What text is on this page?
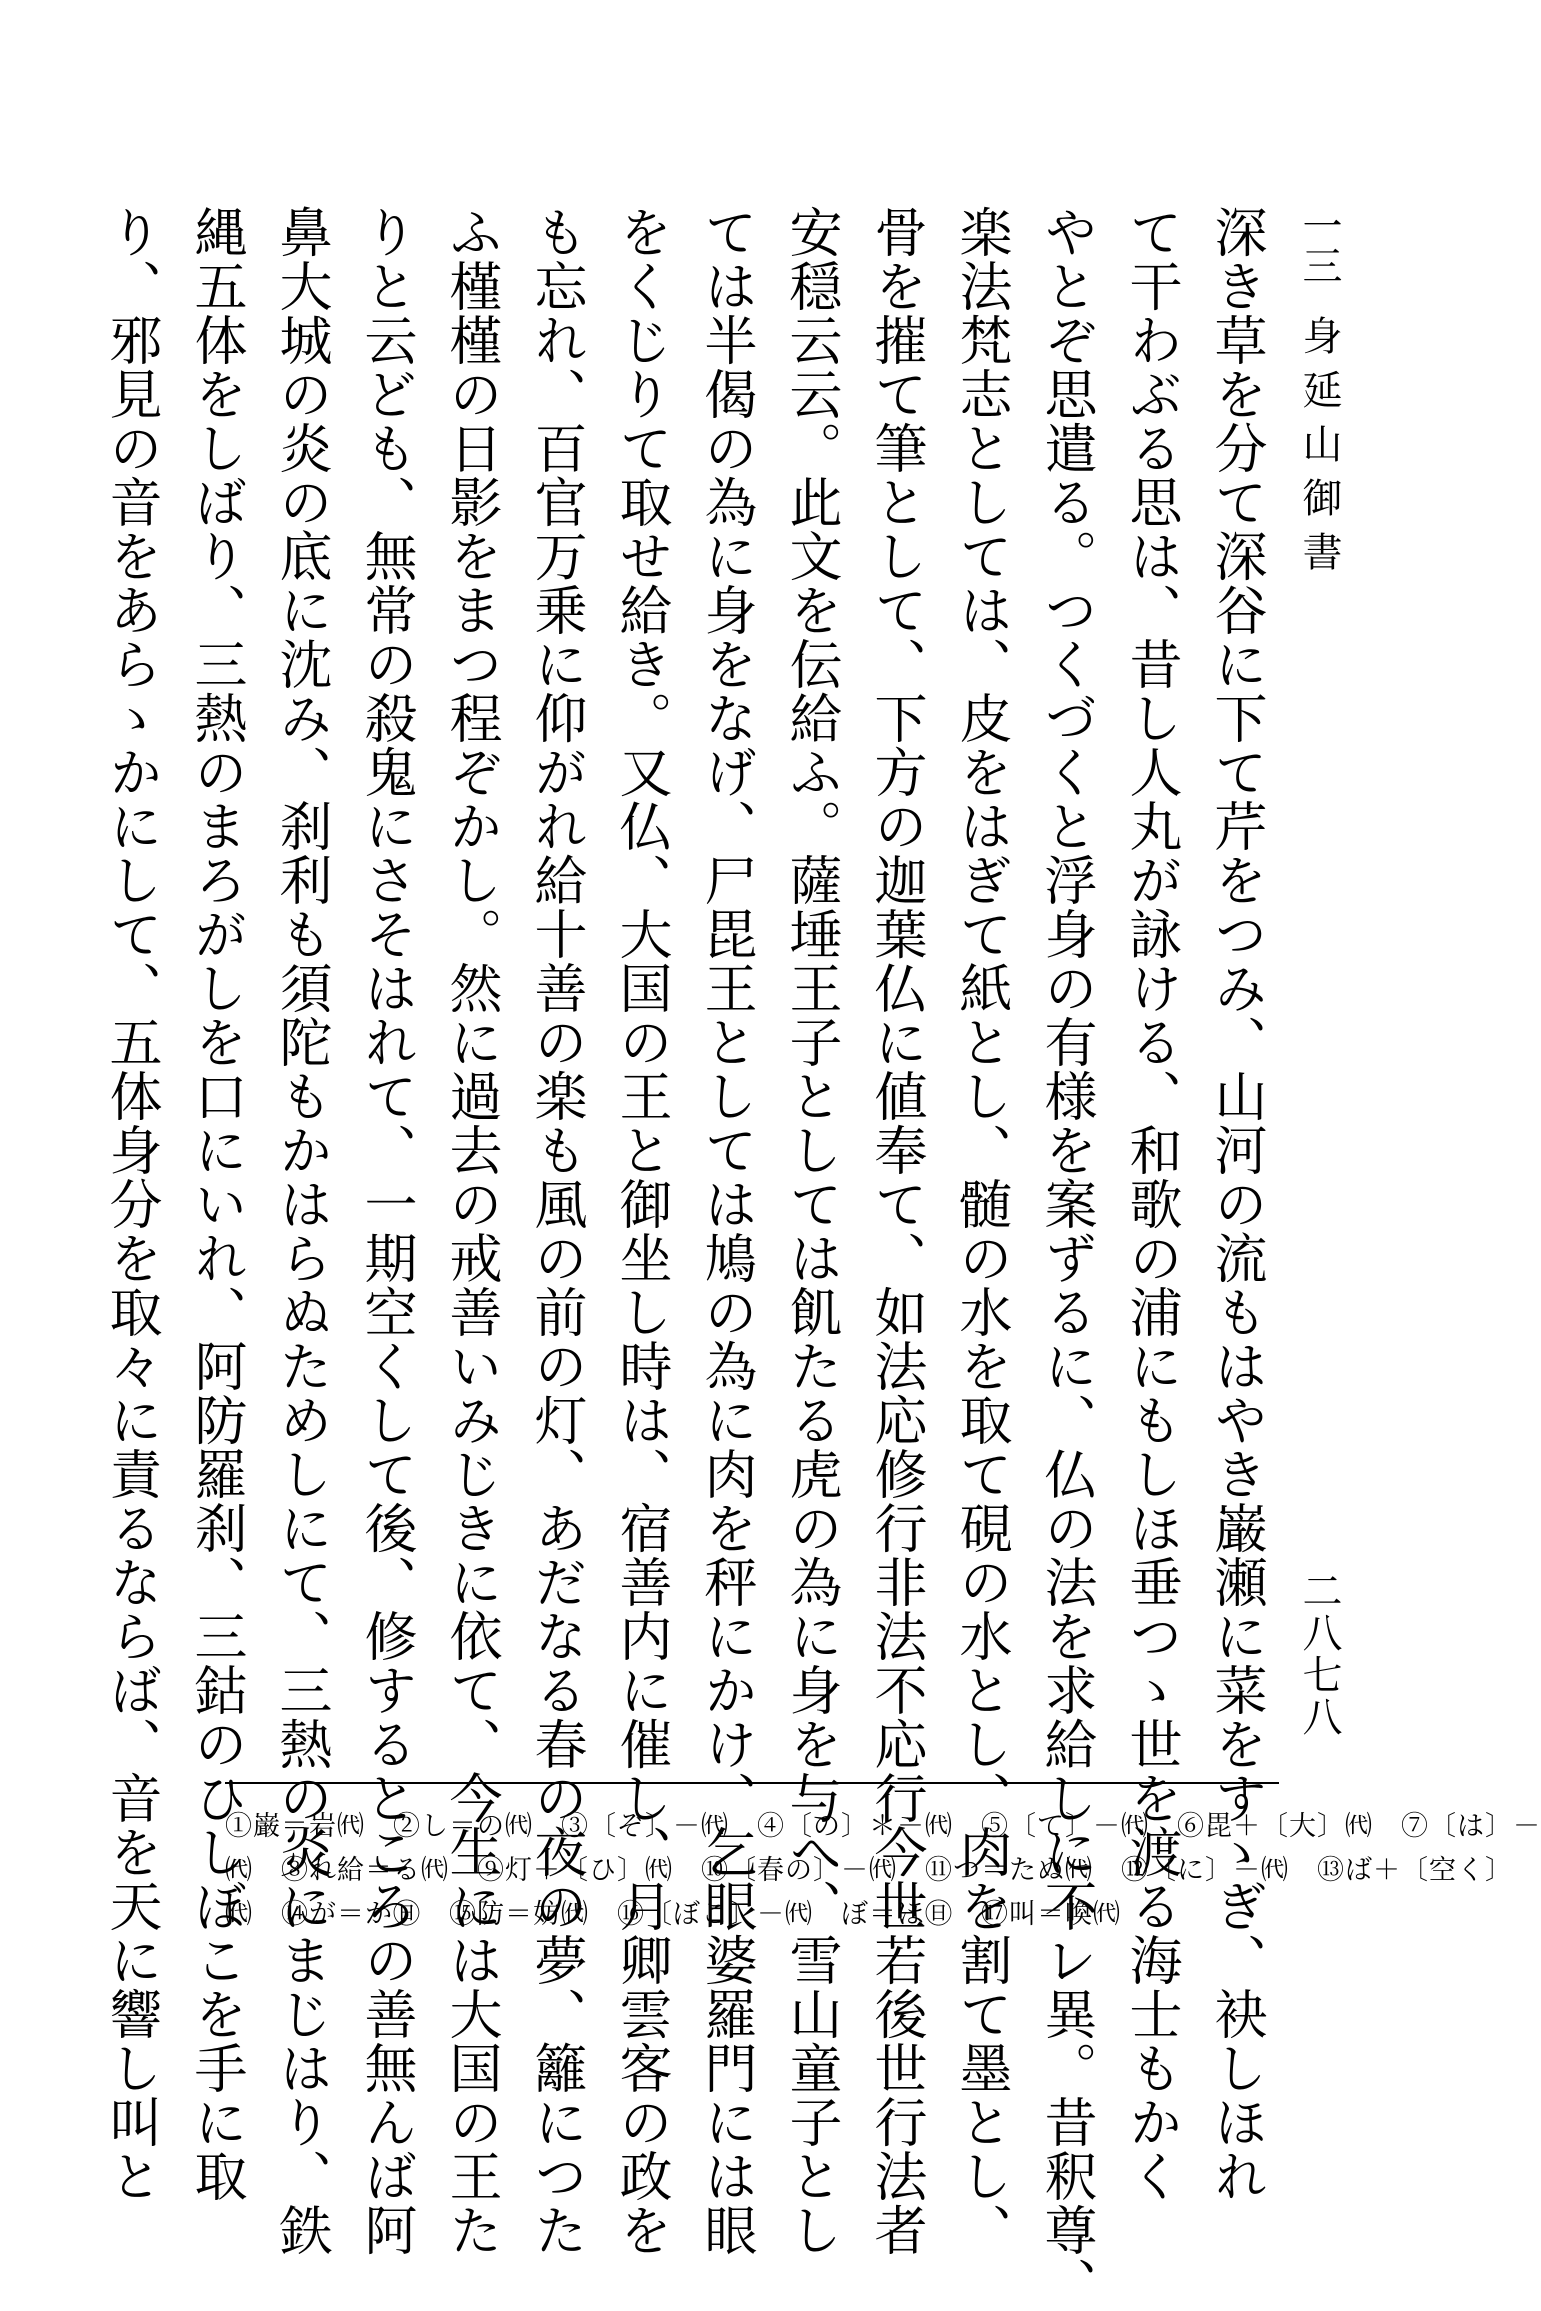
一三
身延山御書
二八七八
深き草を分て深谷に下て芹をつみ、山河の流もはやき巌瀬に菜をすゝぎ、袂しほれ
て干わぶる思は、昔し人丸が詠ける、和歌の浦にもしほ垂つゝ世を渡る海士もかく
やとぞ思遣る。つくづくと浮身の有様を案ずるに、仏の法を求給しに不レ異。昔釈尊、
楽法梵志としては、皮をはぎて紙とし、髄の水を取て硯の水とし、肉を割て墨とし、
骨を摧て筆として、下方の迦葉仏に値奉て、如法応修行非法不応行今世若後世行法者
安穏云云。此文を伝給ふ。薩埵王子としては飢たる虎の為に身を与へ、雪山童子とし
ては半偈の為に身をなげ、尸毘王としては鳩の為に肉を秤にかけ、乞眼婆羅門には眼
をくじりて取せ給き。又仏、大国の王と御坐し時は、宿善内に催し、月卿雲客の政を
も忘れ、百官万乗に仰がれ給十善の楽も風の前の灯、あだなる春の夜の夢、籬につた
ふ槿槿の日影をまつ程ぞかし。然に過去の戒善いみじきに依て、今生には大国の王た
りと云ども、無常の殺鬼にさそはれて、一期空くして後、修するところの善無んば阿
鼻大城の炎の底に沈み、刹利も須陀もかはらぬためしにて、三熱の炎にまじはり、鉄
縄五体をしばり、三熱のまろがしを口にいれ、阿防羅刹、三鈷のひしぼこを手に取
り、邪見の音をあらゝかにして、五体身分を取々に責るならば、音を天に響し叫と	①巌＝岩㈹　②し＝の㈹　③〔ぞ〕－㈹　④〔の〕＊－㈹　⑤〔て〕－㈹　⑥毘＋〔大〕㈹　⑦〔は〕－
㈹　⑧れ給＝る㈹　⑨灯＋〔ひ〕㈹　⑩〔春の〕－㈹　⑪つ＝たぬ㈹　⑫〔に〕－㈹　⑬ば＋〔空く〕
㈹　⑭が＝か㊐　⑮防＝妨㈹　⑯〔ぼこ〕－㈹　ぼ＝ほ㊐　⑰叫＝喚㈹
